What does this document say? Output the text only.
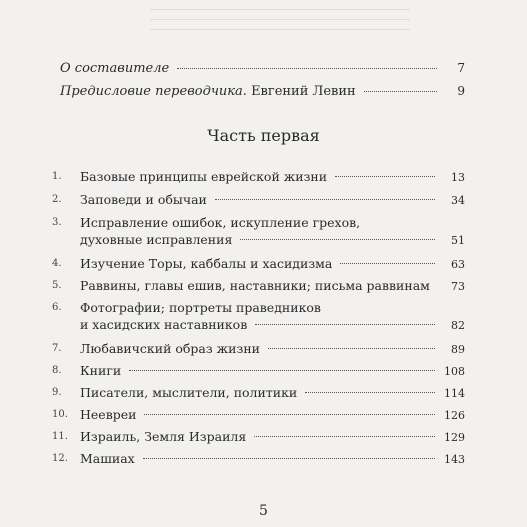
О составителе	7
Предисловие переводчика. Евгений Левин	9
Часть первая
1.	Базовые принципы еврейской жизни	13
2.	Заповеди и обычаи	34
3.	Исправление ошибок, искупление грехов,
духовные исправления	51
4.	Изучение Торы, каббалы и хасидизма	63
5.	Раввины, главы ешив, наставники; письма раввинам	73
6.	Фотографии; портреты праведников
и хасидских наставников	82
7.	Любавичский образ жизни	89
8.	Книги	108
9.	Писатели, мыслители, политики	114
10. Неевреи	126
11. Израиль, Земля Израиля	129
12. Машиах	143
5
